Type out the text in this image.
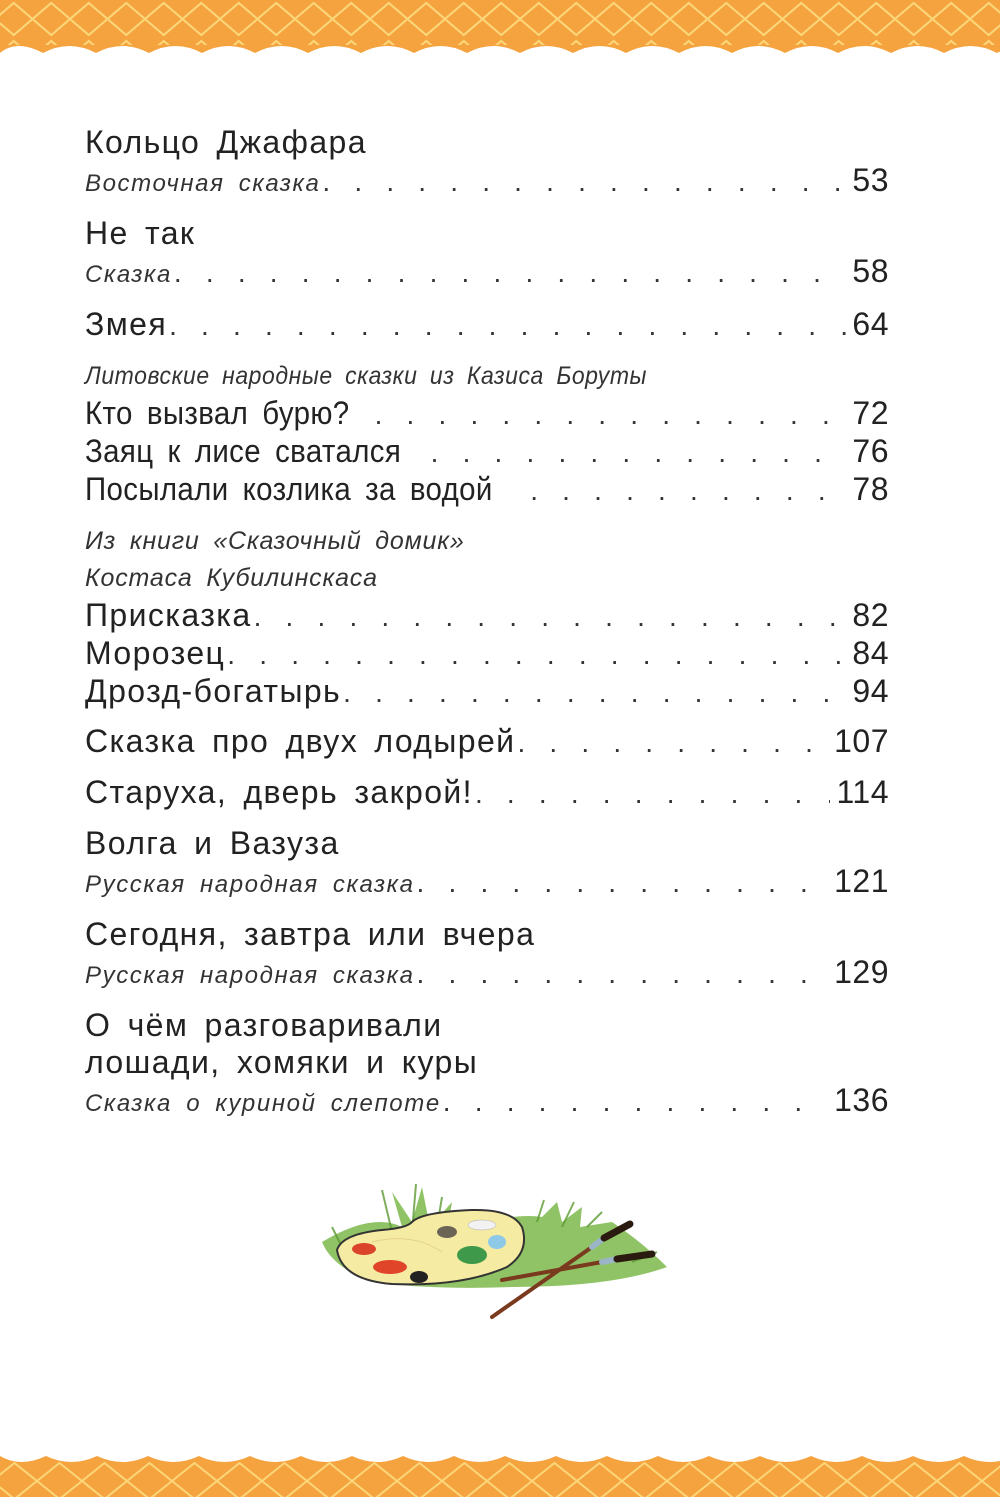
Кольцо Джафара
Восточная сказка . . .	53
Не так
Сказка . . .	58
Змея . . .	64
Литовские народные сказки из Казиса Боруты
Кто вызвал бурю? . . .	72
Заяц к лисе сватался . . .	76
Посылали козлика за водой . . .	78
Из книги «Сказочный домик»
Костаса Кубилинскаса
Присказка . . .	82
Морозец . . .	84
Дрозд-богатырь . . .	94
Сказка про двух лодырей . . .	107
Старуха, дверь закрой! . . .	114
Волга и Вазуза
Русская народная сказка . . .	121
Сегодня, завтра или вчера
Русская народная сказка . . .	129
О чём разговаривали
лошади, хомяки и куры
Сказка о куриной слепоте . . .	136
